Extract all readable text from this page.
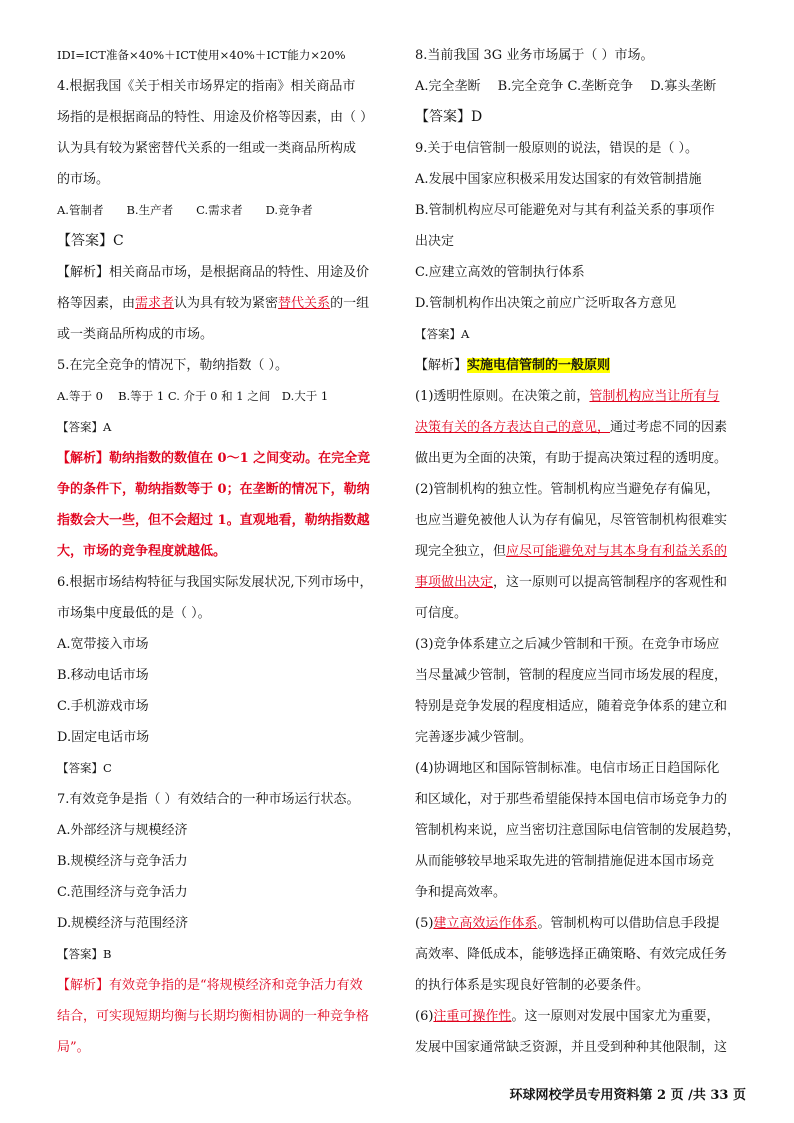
IDI=ICT准备×40%＋ICT使用×40%＋ICT能力×20%

4.根据我国《关于相关市场界定的指南》相关商品市

场指的是根据商品的特性、用途及价格等因素，由（ ）

认为具有较为紧密替代关系的一组或一类商品所构成

的市场。

A.管制者　　B.生产者　　C.需求者　　D.竞争者

【答案】C

【解析】相关商品市场，是根据商品的特性、用途及价

格等因素，由需求者认为具有较为紧密替代关系的一组

或一类商品所构成的市场。

5.在完全竞争的情况下，勒纳指数（ ）。

A.等于 0　 B.等于 1 C. 介于 0 和 1 之间　D.大于 1

【答案】A

【解析】勒纳指数的数值在 0～1 之间变动。在完全竞

争的条件下，勒纳指数等于 0；在垄断的情况下，勒纳

指数会大一些，但不会超过 1。直观地看，勒纳指数越

大，市场的竞争程度就越低。

6.根据市场结构特征与我国实际发展状况,下列市场中，

市场集中度最低的是（ ）。

A.宽带接入市场

B.移动电话市场

C.手机游戏市场

D.固定电话市场

【答案】C

7.有效竞争是指（ ）有效结合的一种市场运行状态。

A.外部经济与规模经济

B.规模经济与竞争活力

C.范围经济与竞争活力

D.规模经济与范围经济

【答案】B

【解析】有效竞争指的是“将规模经济和竞争活力有效

结合，可实现短期均衡与长期均衡相协调的一种竞争格

局”。

8.当前我国 3G 业务市场属于（ ）市场。

A.完全垄断　 B.完全竞争 C.垄断竞争　 D.寡头垄断

【答案】D

9.关于电信管制一般原则的说法，错误的是（ ）。

A.发展中国家应积极采用发达国家的有效管制措施

B.管制机构应尽可能避免对与其有利益关系的事项作

出决定

C.应建立高效的管制执行体系

D.管制机构作出决策之前应广泛听取各方意见

【答案】A

【解析】实施电信管制的一般原则

(1)透明性原则。在决策之前，管制机构应当让所有与

决策有关的各方表达自己的意见，通过考虑不同的因素

做出更为全面的决策，有助于提高决策过程的透明度。

(2)管制机构的独立性。管制机构应当避免存有偏见，

也应当避免被他人认为存有偏见，尽管管制机构很难实

现完全独立，但应尽可能避免对与其本身有利益关系的

事项做出决定，这一原则可以提高管制程序的客观性和

可信度。

(3)竞争体系建立之后减少管制和干预。在竞争市场应

当尽量减少管制，管制的程度应当同市场发展的程度，

特别是竞争发展的程度相适应，随着竞争体系的建立和

完善逐步减少管制。

(4)协调地区和国际管制标准。电信市场正日趋国际化

和区域化，对于那些希望能保持本国电信市场竞争力的

管制机构来说，应当密切注意国际电信管制的发展趋势，

从而能够较早地采取先进的管制措施促进本国市场竞

争和提高效率。

(5)建立高效运作体系。管制机构可以借助信息手段提

高效率、降低成本，能够选择正确策略、有效完成任务

的执行体系是实现良好管制的必要条件。

(6)注重可操作性。这一原则对发展中国家尤为重要，

发展中国家通常缺乏资源，并且受到种种其他限制，这

环球网校学员专用资料第 2 页 /共 33 页
